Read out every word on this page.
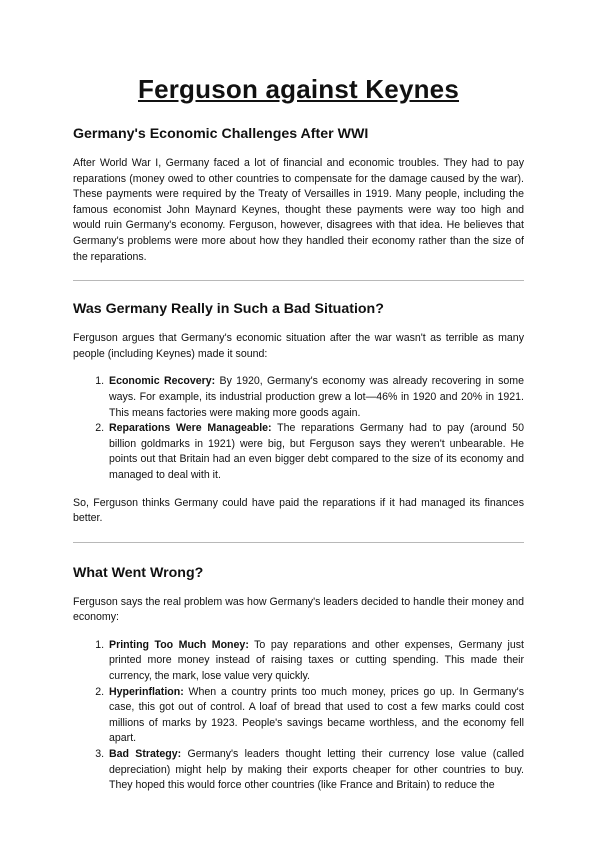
Ferguson against Keynes
Germany's Economic Challenges After WWI

After World War I, Germany faced a lot of financial and economic troubles. They had to pay reparations (money owed to other countries to compensate for the damage caused by the war). These payments were required by the Treaty of Versailles in 1919. Many people, including the famous economist John Maynard Keynes, thought these payments were way too high and would ruin Germany's economy. Ferguson, however, disagrees with that idea. He believes that Germany's problems were more about how they handled their economy rather than the size of the reparations.

Was Germany Really in Such a Bad Situation?

Ferguson argues that Germany's economic situation after the war wasn't as terrible as many people (including Keynes) made it sound:

1. Economic Recovery: By 1920, Germany's economy was already recovering in some ways. For example, its industrial production grew a lot—46% in 1920 and 20% in 1921. This means factories were making more goods again.
2. Reparations Were Manageable: The reparations Germany had to pay (around 50 billion goldmarks in 1921) were big, but Ferguson says they weren't unbearable. He points out that Britain had an even bigger debt compared to the size of its economy and managed to deal with it.

So, Ferguson thinks Germany could have paid the reparations if it had managed its finances better.

What Went Wrong?

Ferguson says the real problem was how Germany's leaders decided to handle their money and economy:

1. Printing Too Much Money: To pay reparations and other expenses, Germany just printed more money instead of raising taxes or cutting spending. This made their currency, the mark, lose value very quickly.
2. Hyperinflation: When a country prints too much money, prices go up. In Germany's case, this got out of control. A loaf of bread that used to cost a few marks could cost millions of marks by 1923. People's savings became worthless, and the economy fell apart.
3. Bad Strategy: Germany's leaders thought letting their currency lose value (called depreciation) might help by making their exports cheaper for other countries to buy. They hoped this would force other countries (like France and Britain) to reduce the
